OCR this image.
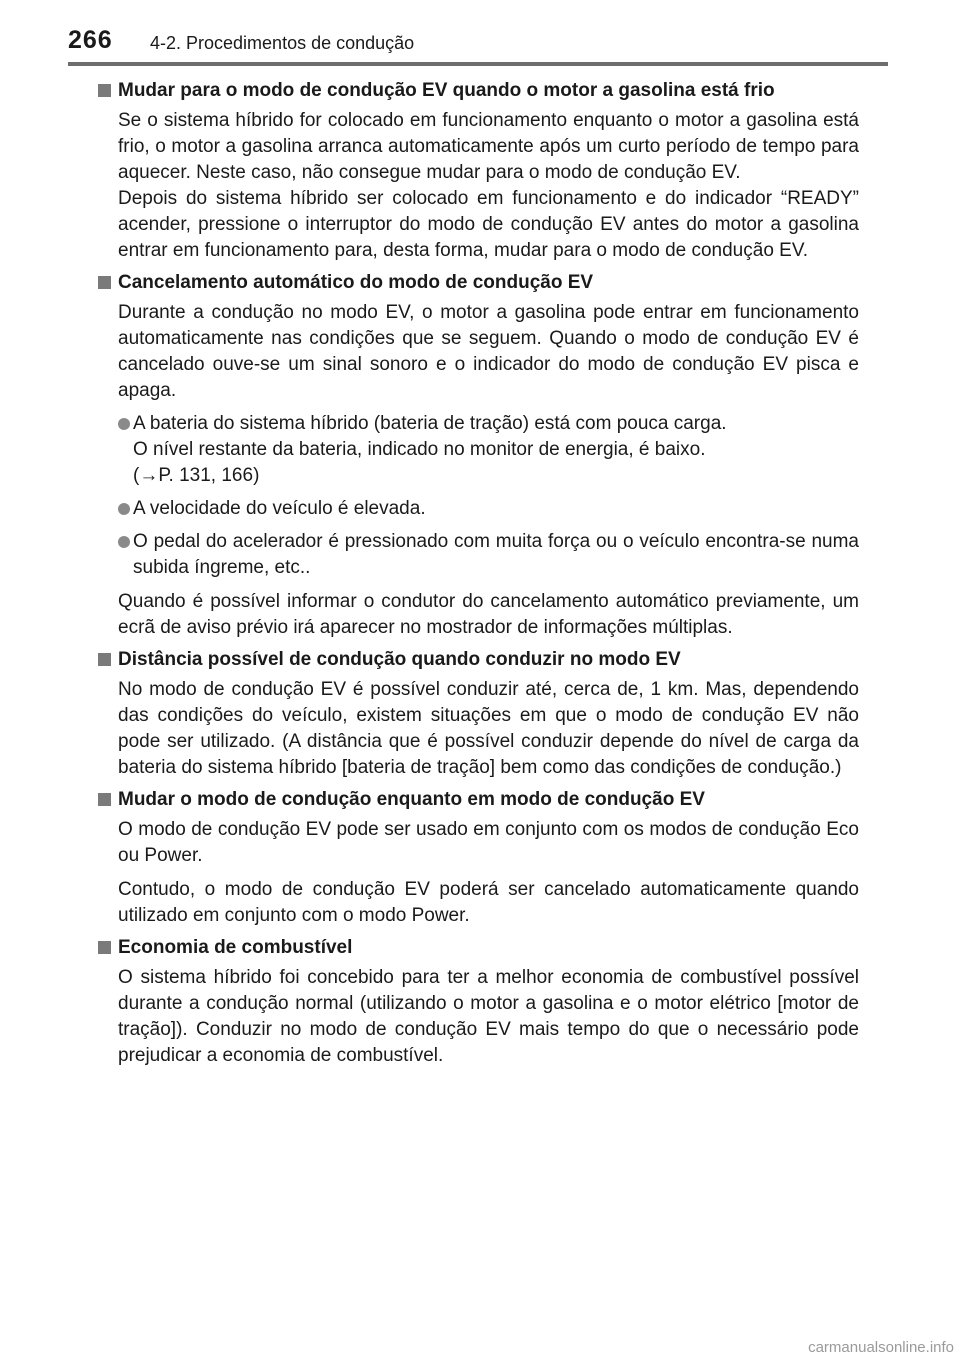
266 4-2. Procedimentos de condução
Mudar para o modo de condução EV quando o motor a gasolina está frio
Se o sistema híbrido for colocado em funcionamento enquanto o motor a gasolina está frio, o motor a gasolina arranca automaticamente após um curto período de tempo para aquecer. Neste caso, não consegue mudar para o modo de condução EV.
Depois do sistema híbrido ser colocado em funcionamento e do indicador “READY” acender, pressione o interruptor do modo de condução EV antes do motor a gasolina entrar em funcionamento para, desta forma, mudar para o modo de condução EV.
Cancelamento automático do modo de condução EV
Durante a condução no modo EV, o motor a gasolina pode entrar em funcionamento automaticamente nas condições que se seguem. Quando o modo de condução EV é cancelado ouve-se um sinal sonoro e o indicador do modo de condução EV pisca e apaga.
A bateria do sistema híbrido (bateria de tração) está com pouca carga.
O nível restante da bateria, indicado no monitor de energia, é baixo.
(→P. 131, 166)
A velocidade do veículo é elevada.
O pedal do acelerador é pressionado com muita força ou o veículo encontra-se numa subida íngreme, etc..
Quando é possível informar o condutor do cancelamento automático previamente, um ecrã de aviso prévio irá aparecer no mostrador de informações múltiplas.
Distância possível de condução quando conduzir no modo EV
No modo de condução EV é possível conduzir até, cerca de, 1 km. Mas, dependendo das condições do veículo, existem situações em que o modo de condução EV não pode ser utilizado. (A distância que é possível conduzir depende do nível de carga da bateria do sistema híbrido [bateria de tração] bem como das condições de condução.)
Mudar o modo de condução enquanto em modo de condução EV
O modo de condução EV pode ser usado em conjunto com os modos de condução Eco ou Power.
Contudo, o modo de condução EV poderá ser cancelado automaticamente quando utilizado em conjunto com o modo Power.
Economia de combustível
O sistema híbrido foi concebido para ter a melhor economia de combustível possível durante a condução normal (utilizando o motor a gasolina e o motor elétrico [motor de tração]). Conduzir no modo de condução EV mais tempo do que o necessário pode prejudicar a economia de combustível.
carmanualsonline.info
